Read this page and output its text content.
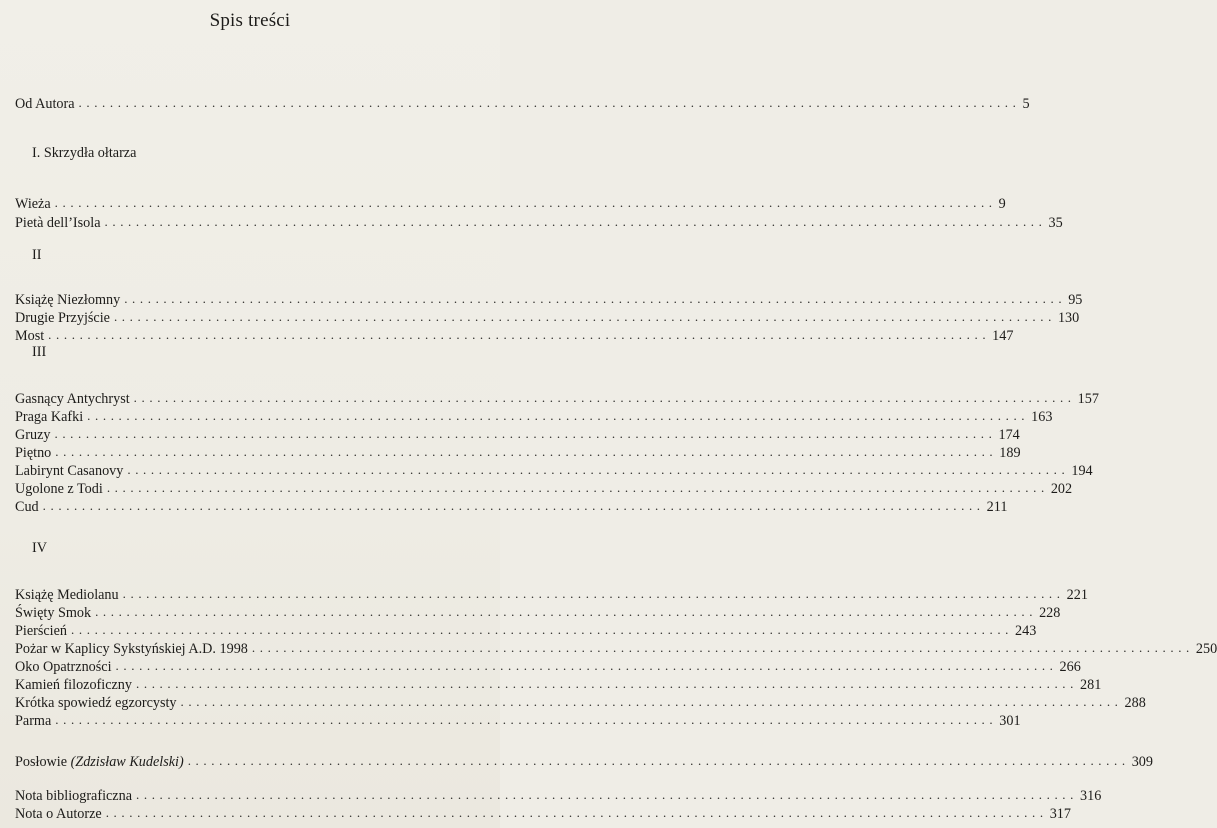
Spis treści
Od Autora ........................................................................................................................ 5
I. Skrzydła ołtarza
Wieża ........................................................................................................................ 9
Pietà dell’Isola ........................................................................................................................ 35
II
Książę Niezłomny ........................................................................................................................ 95
Drugie Przyjście ........................................................................................................................ 130
Most ........................................................................................................................ 147
III
Gasnący Antychryst ........................................................................................................................ 157
Praga Kafki ........................................................................................................................ 163
Gruzy ........................................................................................................................ 174
Piętno ........................................................................................................................ 189
Labirynt Casanovy ........................................................................................................................ 194
Ugolone z Todi ........................................................................................................................ 202
Cud ........................................................................................................................ 211
IV
Książę Mediolanu ........................................................................................................................ 221
Święty Smok ........................................................................................................................ 228
Pierścień ........................................................................................................................ 243
Pożar w Kaplicy Sykstyńskiej A.D. 1998 ........................................................................................................................ 250
Oko Opatrzności ........................................................................................................................ 266
Kamień filozoficzny ........................................................................................................................ 281
Krótka spowiedź egzorcysty ........................................................................................................................ 288
Parma ........................................................................................................................ 301
Posłowie (Zdzisław Kudelski) ........................................................................................................................ 309
Nota bibliograficzna ........................................................................................................................ 316
Nota o Autorze ........................................................................................................................ 317
